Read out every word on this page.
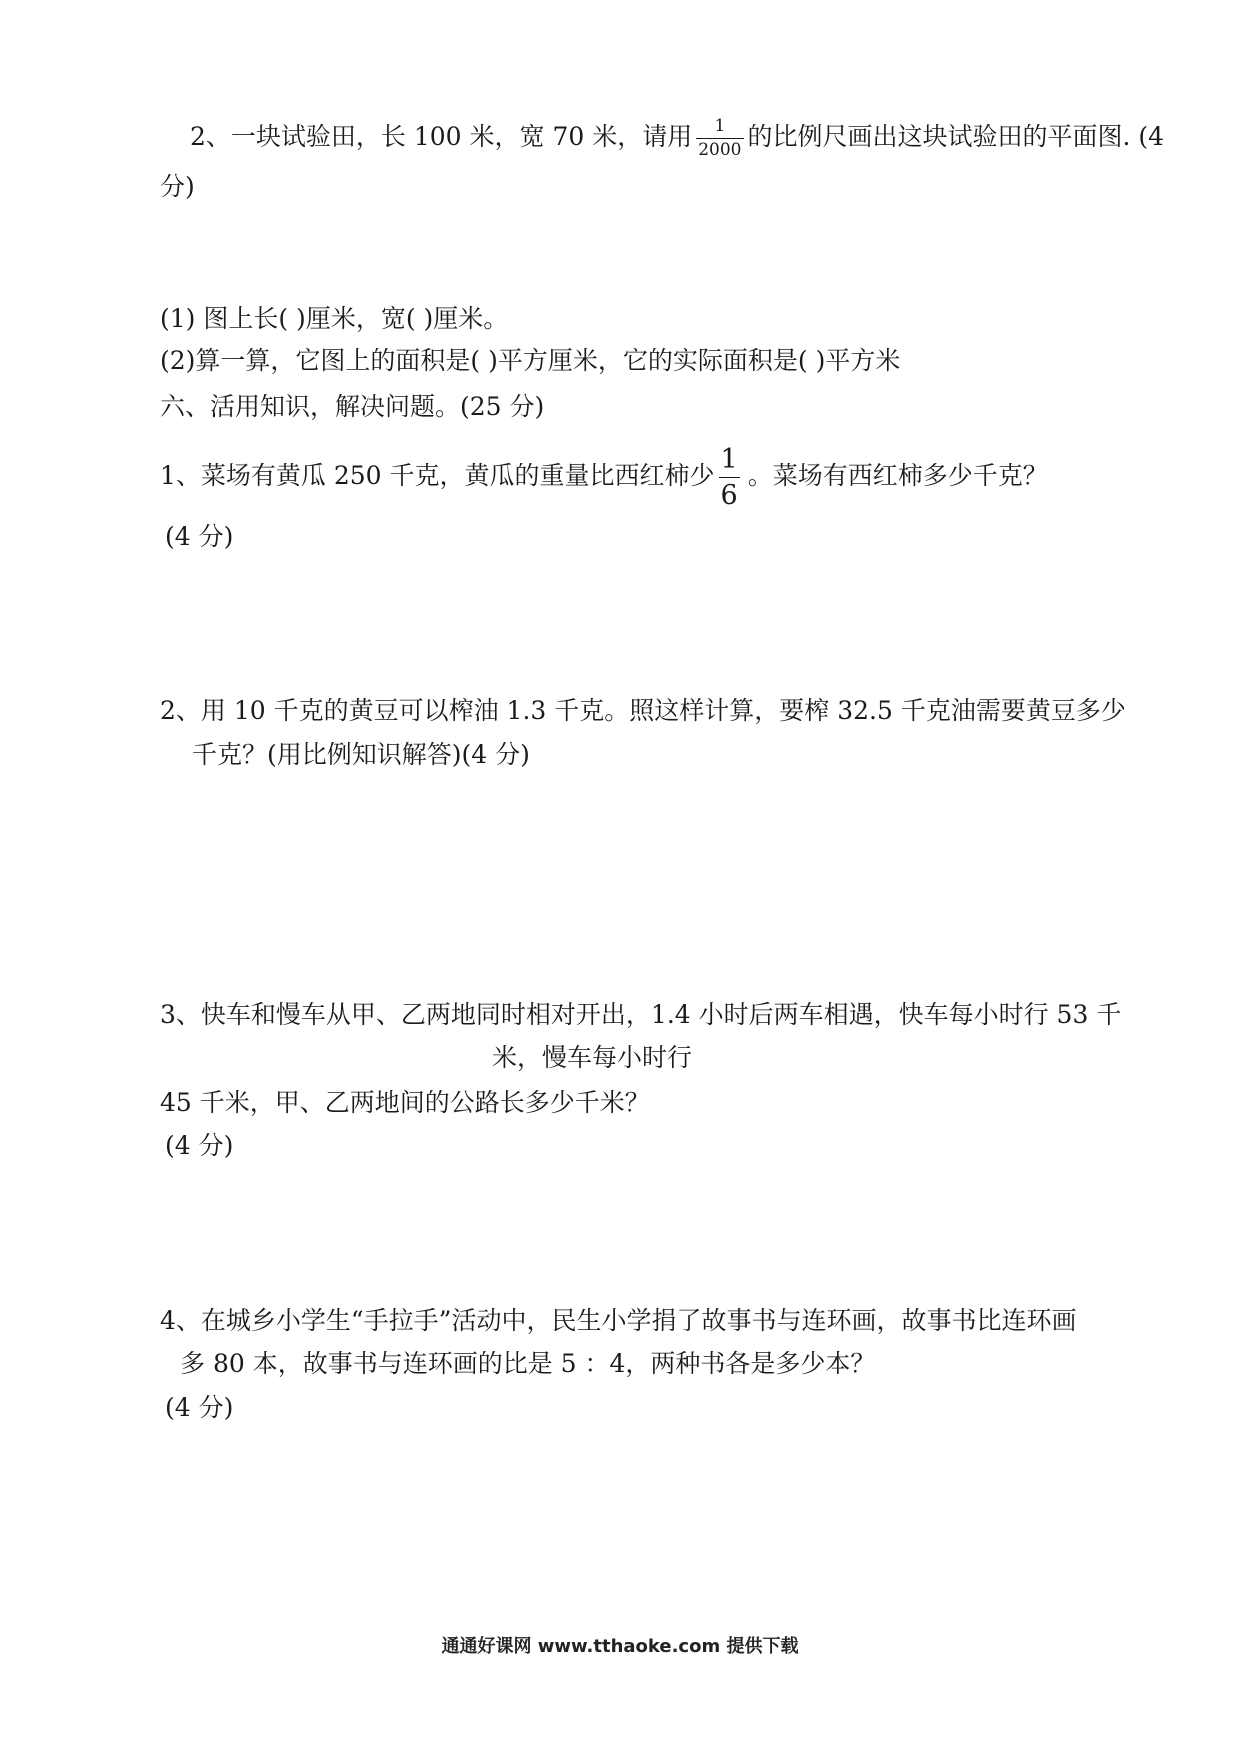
2、一块试验田，长 100 米，宽 70 米，请用 $\frac{1}{2000}$ 的比例尺画出这块试验田的平面图. (4
分)
(1) 图上长( )厘米，宽( )厘米。
(2)算一算，它图上的面积是( )平方厘米，它的实际面积是( )平方米
六、活用知识，解决问题。(25 分)
1、菜场有黄瓜 250 千克，黄瓜的重量比西红柿少 $\frac{1}{6}$ 。菜场有西红柿多少千克？
(4 分)
2、用 10 千克的黄豆可以榨油 1.3 千克。照这样计算，要榨 32.5 千克油需要黄豆多少
千克？(用比例知识解答)(4 分)
3、快车和慢车从甲、乙两地同时相对开出，1.4 小时后两车相遇，快车每小时行 53 千
米，慢车每小时行
45 千米，甲、乙两地间的公路长多少千米？
(4 分)
4、在城乡小学生“手拉手”活动中，民生小学捐了故事书与连环画，故事书比连环画
多 80 本，故事书与连环画的比是 5 ：4，两种书各是多少本？
(4 分)
通通好课网 www.tthaoke.com 提供下载
